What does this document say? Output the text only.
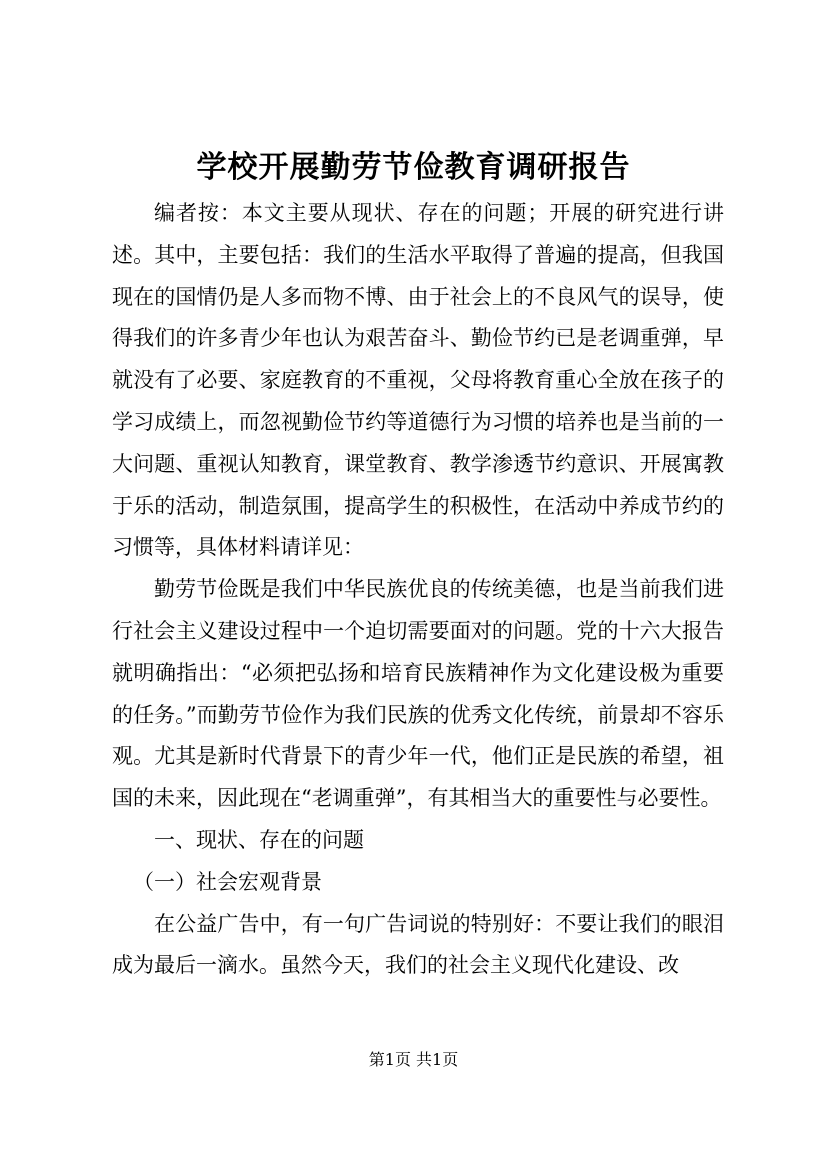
学校开展勤劳节俭教育调研报告

编者按：本文主要从现状、存在的问题；开展的研究进行讲述。其中，主要包括：我们的生活水平取得了普遍的提高，但我国现在的国情仍是人多而物不博、由于社会上的不良风气的误导，使得我们的许多青少年也认为艰苦奋斗、勤俭节约已是老调重弹，早就没有了必要、家庭教育的不重视，父母将教育重心全放在孩子的学习成绩上，而忽视勤俭节约等道德行为习惯的培养也是当前的一大问题、重视认知教育，课堂教育、教学渗透节约意识、开展寓教于乐的活动，制造氛围，提高学生的积极性，在活动中养成节约的习惯等，具体材料请详见：

勤劳节俭既是我们中华民族优良的传统美德，也是当前我们进行社会主义建设过程中一个迫切需要面对的问题。党的十六大报告就明确指出：“必须把弘扬和培育民族精神作为文化建设极为重要的任务。”而勤劳节俭作为我们民族的优秀文化传统，前景却不容乐观。尤其是新时代背景下的青少年一代，他们正是民族的希望，祖国的未来，因此现在“老调重弹”，有其相当大的重要性与必要性。

一、现状、存在的问题

（一）社会宏观背景

在公益广告中，有一句广告词说的特别好：不要让我们的眼泪成为最后一滴水。虽然今天，我们的社会主义现代化建设、改

第1页 共1页
